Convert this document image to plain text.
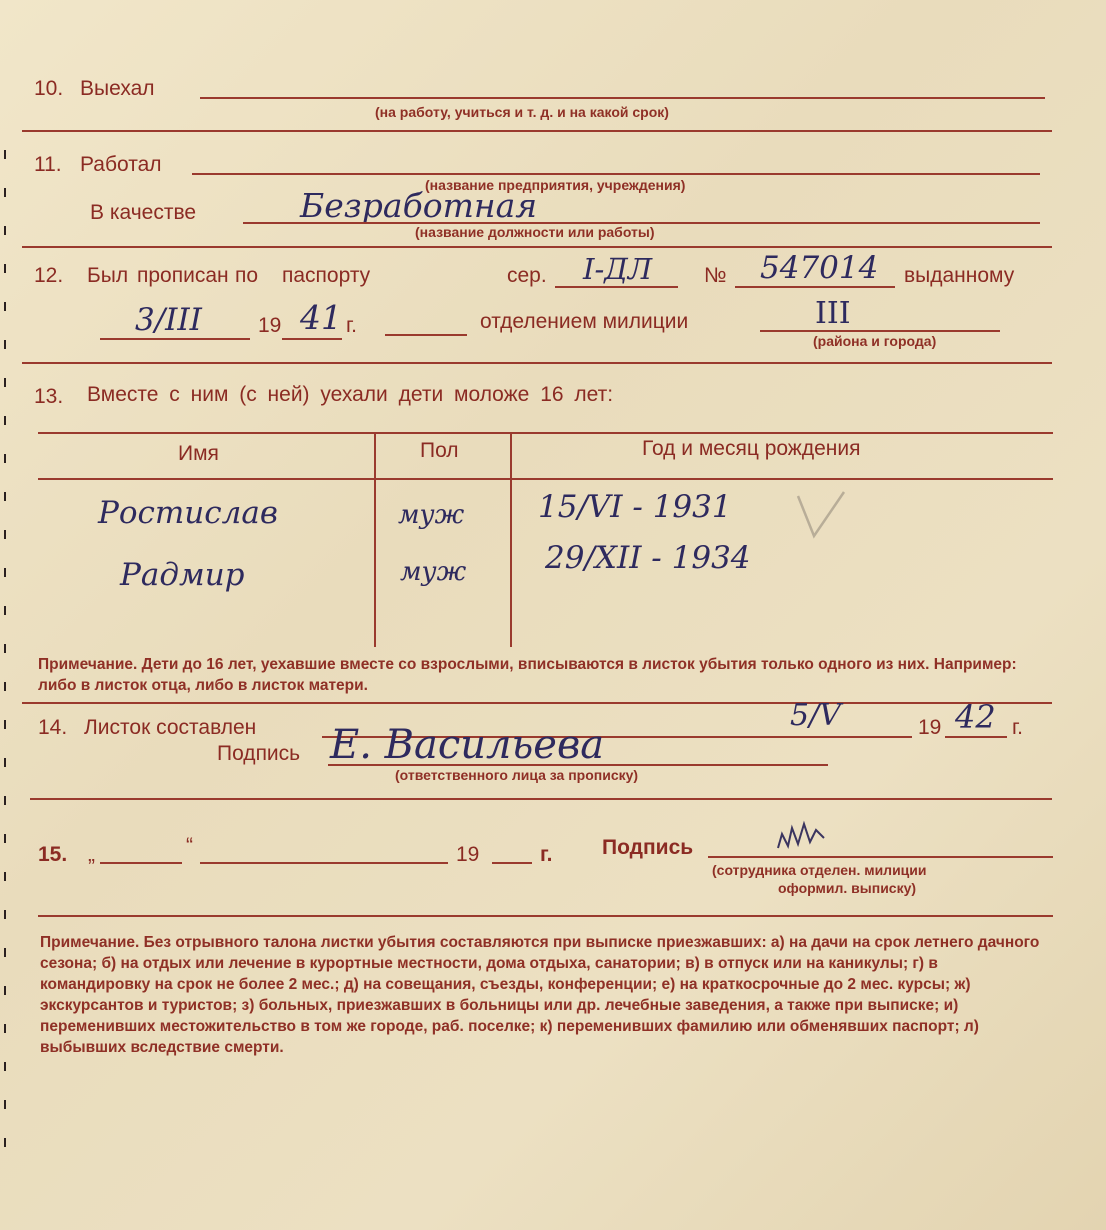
10. Выехал
(на работу, учиться и т. д. и на какой срок)
11. Работал
(название предприятия, учреждения)
В качестве	Безработная
(название должности или работы)
12. Был прописан по паспорту	сер. I-ДЛ № 547014 выданному
3/III	19 41 г.	отделением милиции	III
(района и города)
13. Вместе с ним (с ней) уехали дети моложе 16 лет:
Имя	Пол	Год и месяц рождения
Ростислав	муж 15/VI - 1931
Радмир	муж	29/XII - 1934
Примечание. Дети до 16 лет, уехавшие вместе со взрослыми, вписываются в листок убытия только одного из них. Например: либо в листок отца, либо в листок матери.
14. Листок составлен Е. Васильева
5/V	19 42 г.
Подпись
(ответственного лица за прописку)
15. „	“	19	г. Подпись
(сотрудника отделен. милиции
оформил. выписку)
Примечание. Без отрывного талона листки убытия составляются при выписке приезжавших: а) на дачи на срок летнего дачного сезона; б) на отдых или лечение в курортные местности, дома отдыха, санатории; в) в отпуск или на каникулы; г) в командировку на срок не более 2 мес.; д) на совещания, съезды, конференции; е) на краткосрочные до 2 мес. курсы; ж) экскурсантов и туристов; з) больных, приезжавших в больницы или др. лечебные заведения, а также при выписке; и) переменивших местожительство в том же городе, раб. поселке; к) переменивших фамилию или обменявших паспорт; л) выбывших вследствие смерти.
